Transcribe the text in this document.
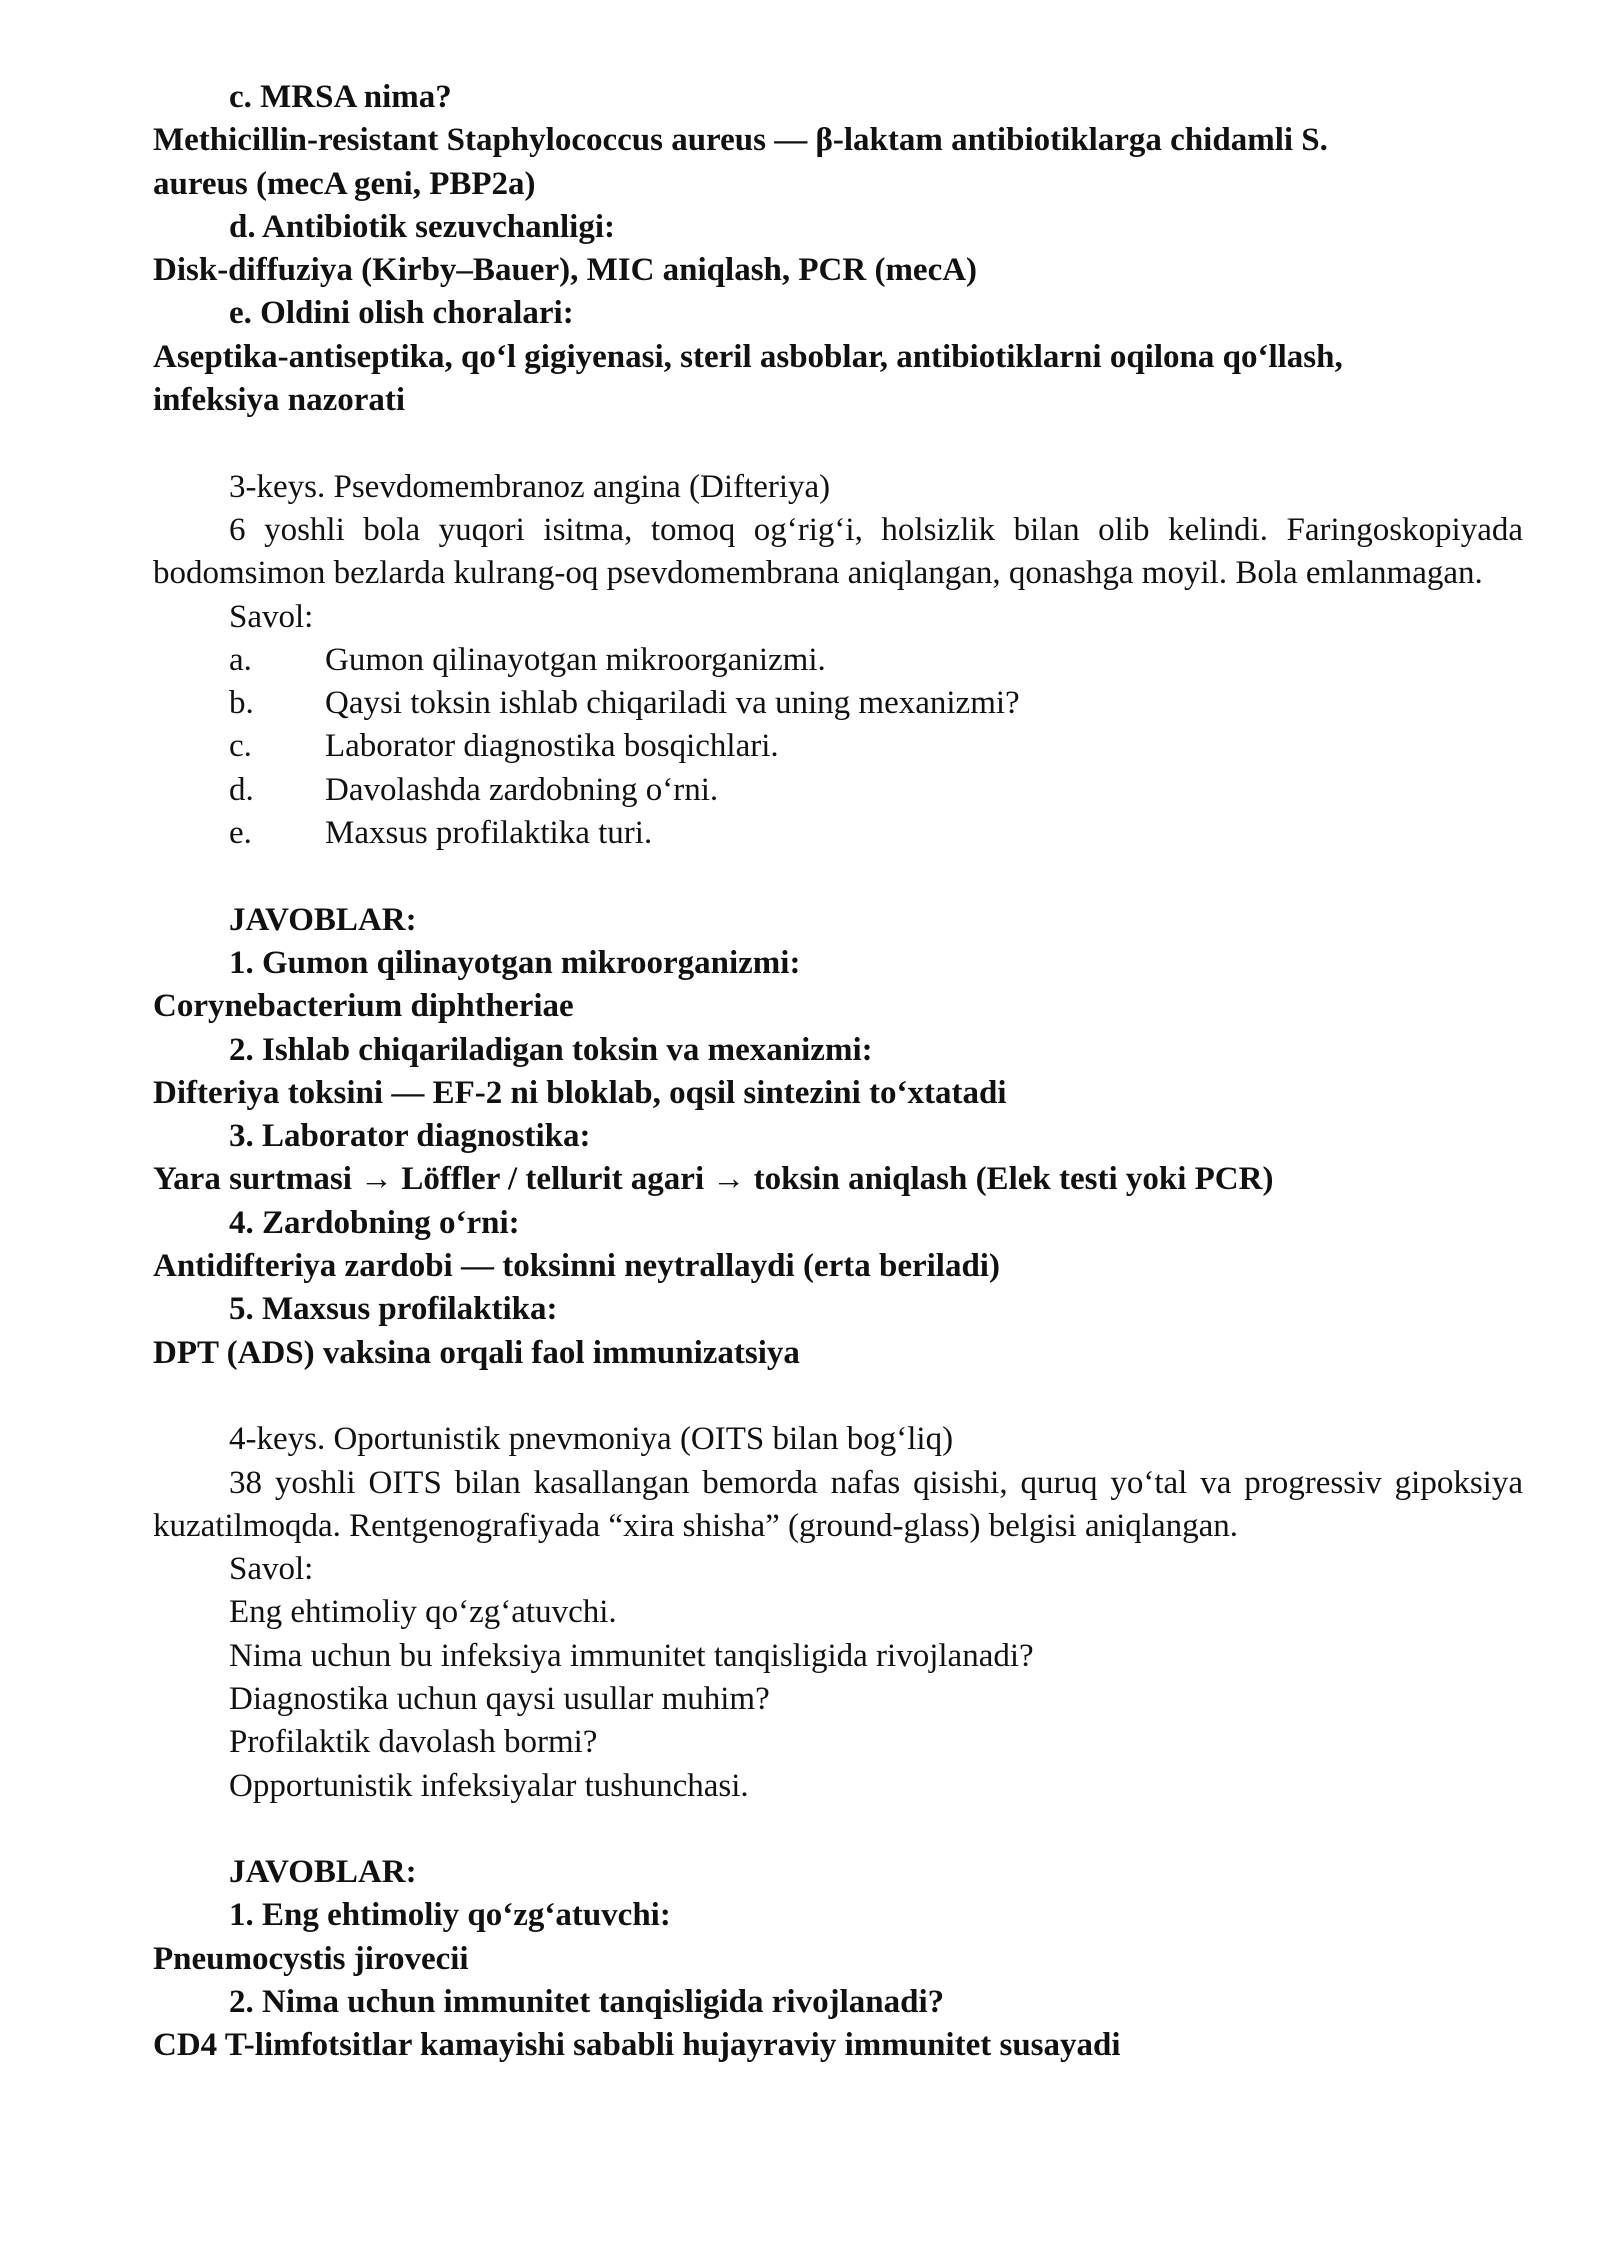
c. MRSA nima?

Methicillin-resistant Staphylococcus aureus — β-laktam antibiotiklarga chidamli S.

aureus (mecA geni, PBP2a)

d. Antibiotik sezuvchanligi:

Disk-diffuziya (Kirby–Bauer), MIC aniqlash, PCR (mecA)

e. Oldini olish choralari:

Aseptika-antiseptika, qo‘l gigiyenasi, steril asboblar, antibiotiklarni oqilona qo‘llash,

infeksiya nazorati

3-keys. Psevdomembranoz angina (Difteriya)

6 yoshli bola yuqori isitma, tomoq og‘rig‘i, holsizlik bilan olib kelindi. Faringoskopiyada bodomsimon bezlarda kulrang-oq psevdomembrana aniqlangan, qonashga moyil. Bola emlanmagan.

Savol:

a.	Gumon qilinayotgan mikroorganizmi.
b.	Qaysi toksin ishlab chiqariladi va uning mexanizmi?
c.	Laborator diagnostika bosqichlari.
d.	Davolashda zardobning o‘rni.
e.	Maxsus profilaktika turi.

JAVOBLAR:

1. Gumon qilinayotgan mikroorganizmi:

Corynebacterium diphtheriae

2. Ishlab chiqariladigan toksin va mexanizmi:

Difteriya toksini — EF-2 ni bloklab, oqsil sintezini to‘xtatadi

3. Laborator diagnostika:

Yara surtmasi → Löffler / tellurit agari → toksin aniqlash (Elek testi yoki PCR)

4. Zardobning o‘rni:

Antidifteriya zardobi — toksinni neytrallaydi (erta beriladi)

5. Maxsus profilaktika:

DPT (ADS) vaksina orqali faol immunizatsiya

4-keys. Oportunistik pnevmoniya (OITS bilan bog‘liq)

38 yoshli OITS bilan kasallangan bemorda nafas qisishi, quruq yo‘tal va progressiv gipoksiya kuzatilmoqda. Rentgenografiyada “xira shisha” (ground-glass) belgisi aniqlangan.

Savol:

Eng ehtimoliy qo‘zg‘atuvchi.

Nima uchun bu infeksiya immunitet tanqisligida rivojlanadi?

Diagnostika uchun qaysi usullar muhim?

Profilaktik davolash bormi?

Opportunistik infeksiyalar tushunchasi.

JAVOBLAR:

1. Eng ehtimoliy qo‘zg‘atuvchi:

Pneumocystis jirovecii

2. Nima uchun immunitet tanqisligida rivojlanadi?

CD4 T-limfotsitlar kamayishi sababli hujayraviy immunitet susayadi
